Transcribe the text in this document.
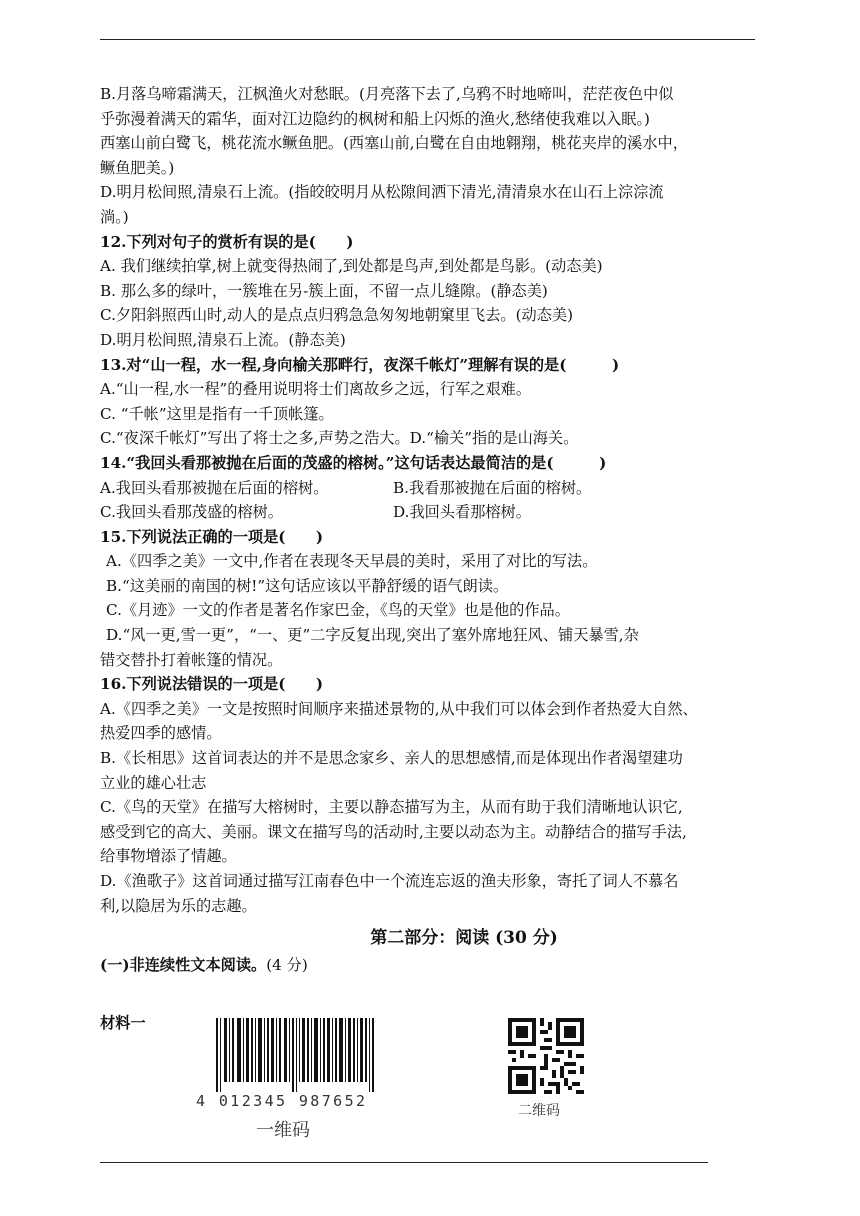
B.月落乌啼霜满天，江枫渔火对愁眠。(月亮落下去了,乌鸦不时地啼叫，茫茫夜色中似

乎弥漫着满天的霜华，面对江边隐约的枫树和船上闪烁的渔火,愁绪使我难以入眠。)

西塞山前白鹭飞，桃花流水鳜鱼肥。(西塞山前,白鹭在自由地翱翔，桃花夹岸的溪水中，

鳜鱼肥美。)

D.明月松间照,清泉石上流。(指皎皎明月从松隙间洒下清光,清清泉水在山石上淙淙流

淌。)

12.下列对句子的赏析有误的是(　　)

A. 我们继续拍掌,树上就变得热闹了,到处都是鸟声,到处都是鸟影。(动态美)

B. 那么多的绿叶，一簇堆在另-簇上面，不留一点儿缝隙。(静态美)

C.夕阳斜照西山时,动人的是点点归鸦急急匆匆地朝窠里飞去。(动态美)

D.明月松间照,清泉石上流。(静态美)

13.对“山一程，水一程,身向榆关那畔行，夜深千帐灯”理解有误的是(　　　)

A.“山一程,水一程”的叠用说明将士们离故乡之远，行军之艰难。

C. “千帐”这里是指有一千顶帐篷。

C.“夜深千帐灯”写出了将士之多,声势之浩大。D.“榆关”指的是山海关。

14.“我回头看那被抛在后面的茂盛的榕树。”这句话表达最简洁的是(　　　)

A.我回头看那被抛在后面的榕树。	B.我看那被抛在后面的榕树。

C.我回头看那茂盛的榕树。	D.我回头看那榕树。

15.下列说法正确的一项是(　　)

A.《四季之美》一文中,作者在表现冬天早晨的美时，采用了对比的写法。

B.“这美丽的南国的树!”这句话应该以平静舒缓的语气朗读。

C.《月迹》一文的作者是著名作家巴金，《鸟的天堂》也是他的作品。

D.“风一更,雪一更”，“一、更”二字反复出现,突出了塞外席地狂风、铺天暴雪,杂

错交替扑打着帐篷的情况。

16.下列说法错误的一项是(　　)

A.《四季之美》一文是按照时间顺序来描述景物的,从中我们可以体会到作者热爱大自然、

热爱四季的感情。

B.《长相思》这首词表达的并不是思念家乡、亲人的思想感情,而是体现出作者渴望建功

立业的雄心壮志

C.《鸟的天堂》在描写大榕树时，主要以静态描写为主，从而有助于我们清晰地认识它,

感受到它的高大、美丽。课文在描写鸟的活动时,主要以动态为主。动静结合的描写手法,

给事物增添了情趣。

D.《渔歌子》这首词通过描写江南春色中一个流连忘返的渔夫形象，寄托了词人不慕名

利,以隐居为乐的志趣。

第二部分：阅读 (30 分)

(一)非连续性文本阅读。(4 分)

材料一
4 012345 987652
一维码
二维码
